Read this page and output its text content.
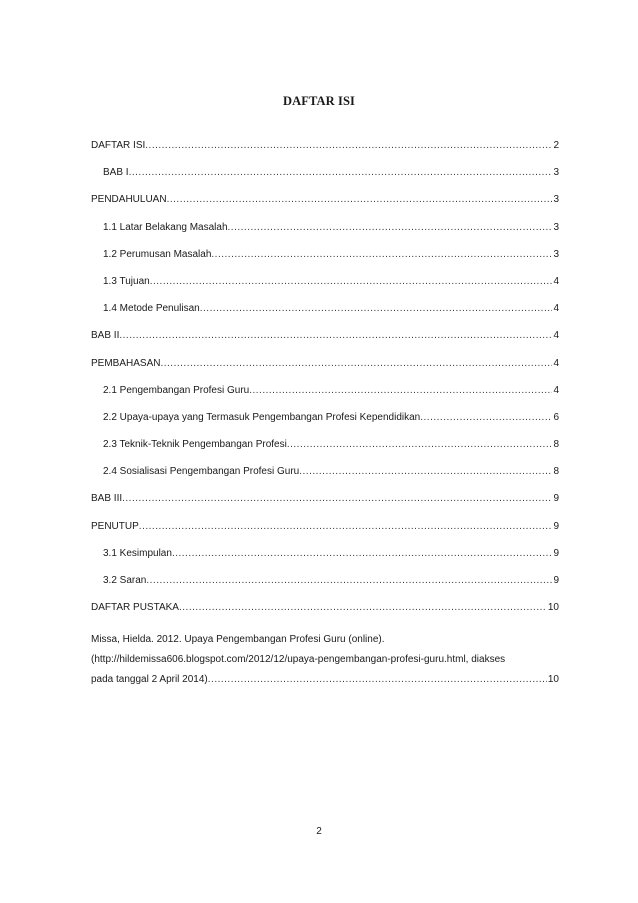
DAFTAR ISI
DAFTAR ISI .....	2
BAB I .....	3
PENDAHULUAN .....	3
1.1 Latar Belakang Masalah .....	3
1.2 Perumusan Masalah .....	3
1.3 Tujuan .....	4
1.4 Metode Penulisan .....	4
BAB II .....	4
PEMBAHASAN .....	4
2.1 Pengembangan Profesi Guru .....	4
2.2 Upaya-upaya yang Termasuk Pengembangan Profesi Kependidikan .....	6
2.3 Teknik-Teknik Pengembangan Profesi .....	8
2.4 Sosialisasi Pengembangan Profesi Guru .....	8
BAB III .....	9
PENUTUP .....	9
3.1 Kesimpulan .....	9
3.2 Saran .....	9
DAFTAR PUSTAKA .....	10
Missa, Hielda. 2012. Upaya Pengembangan Profesi Guru (online).
(http://hildemissa606.blogspot.com/2012/12/upaya-pengembangan-profesi-guru.html, diakses
pada tanggal 2 April 2014) .....	10

2
